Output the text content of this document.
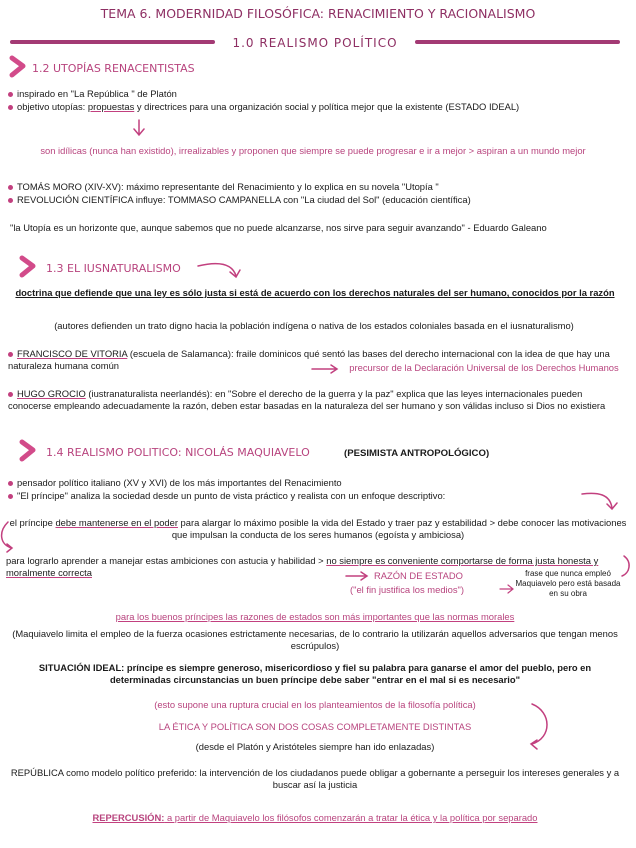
TEMA 6. MODERNIDAD FILOSÓFICA: RENACIMIENTO Y RACIONALISMO
1.0 REALISMO POLÍTICO
1.2 UTOPÍAS RENACENTISTAS
inspirado en "La República " de Platón
objetivo utopías: propuestas y directrices para una organización social y política mejor que la existente (ESTADO IDEAL)
son idílicas (nunca han existido), irrealizables y proponen que siempre se puede progresar e ir a mejor > aspiran a un mundo mejor
TOMÁS MORO (XIV-XV): máximo representante del Renacimiento y lo explica en su novela "Utopía "
REVOLUCIÓN CIENTÍFICA influye: TOMMASO CAMPANELLA con "La ciudad del Sol" (educación científica)
"la Utopía es un horizonte que, aunque sabemos que no puede alcanzarse, nos sirve para seguir avanzando" - Eduardo Galeano
1.3 EL IUSNATURALISMO
doctrina que defiende que una ley es sólo justa si está de acuerdo con los derechos naturales del ser humano, conocidos por la razón
(autores defienden un trato digno hacia la población indígena o nativa de los estados coloniales basada en el iusnaturalismo)
FRANCISCO DE VITORIA (escuela de Salamanca): fraile dominicos qué sentó las bases del derecho internacional con la idea de que hay una naturaleza humana común	precursor de la Declaración Universal de los Derechos Humanos
HUGO GROCIO (iustranaturalista neerlandés): en "Sobre el derecho de la guerra y la paz" explica que las leyes internacionales pueden conocerse empleando adecuadamente la razón, deben estar basadas en la naturaleza del ser humano y son válidas incluso si Dios no existiera
1.4 REALISMO POLITICO: NICOLÁS MAQUIAVELO	(PESIMISTA ANTROPOLÓGICO)
pensador político italiano (XV y XVI) de los más importantes del Renacimiento
"El príncipe" analiza la sociedad desde un punto de vista práctico y realista con un enfoque descriptivo:
el príncipe debe mantenerse en el poder para alargar lo máximo posible la vida del Estado y traer paz y estabilidad > debe conocer las motivaciones que impulsan la conducta de los seres humanos (egoísta y ambiciosa)
para lograrlo aprender a manejar estas ambiciones con astucia y habilidad > no siempre es conveniente comportarse de forma justa honesta y moralmente correcta	RAZÓN DE ESTADO
("el fin justifica los medios")
frase que nunca empleó Maquiavelo pero está basada en su obra
para los buenos príncipes las razones de estados son más importantes que las normas morales
(Maquiavelo limita el empleo de la fuerza ocasiones estrictamente necesarias, de lo contrario la utilizarán aquellos adversarios que tengan menos escrúpulos)
SITUACIÓN IDEAL: príncipe es siempre generoso, misericordioso y fiel su palabra para ganarse el amor del pueblo, pero en determinadas circunstancias un buen príncipe debe saber "entrar en el mal si es necesario"
(esto supone una ruptura crucial en los planteamientos de la filosofía política)
LA ÉTICA Y POLÍTICA SON DOS COSAS COMPLETAMENTE DISTINTAS
(desde el Platón y Aristóteles siempre han ido enlazadas)
REPÚBLICA como modelo político preferido: la intervención de los ciudadanos puede obligar a gobernante a perseguir los intereses generales y a buscar así la justicia
REPERCUSIÓN: a partir de Maquiavelo los filósofos comenzarán a tratar la ética y la política por separado
